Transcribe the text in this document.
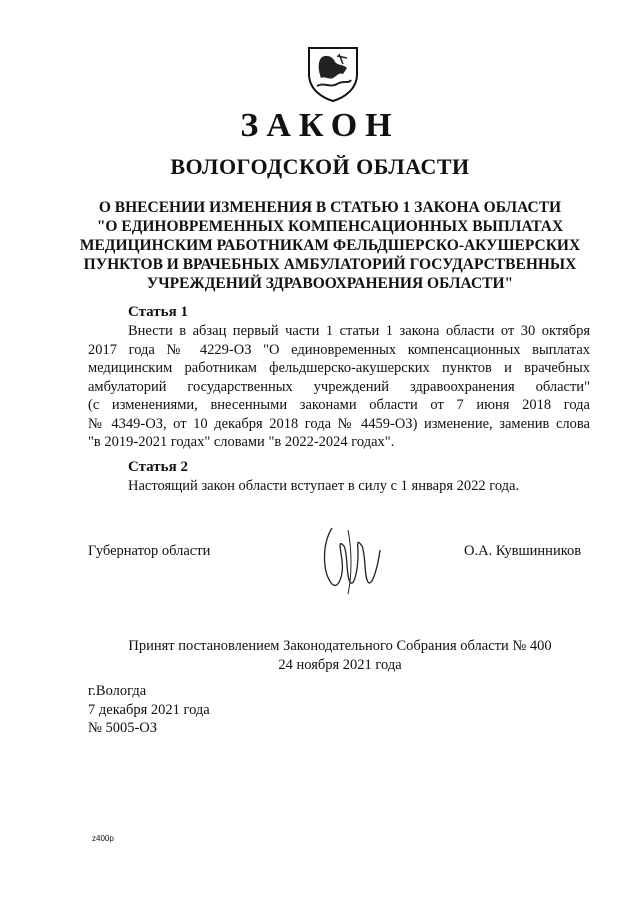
ЗАКОН
ВОЛОГОДСКОЙ ОБЛАСТИ
О ВНЕСЕНИИ ИЗМЕНЕНИЯ В СТАТЬЮ 1 ЗАКОНА ОБЛАСТИ
"О ЕДИНОВРЕМЕННЫХ КОМПЕНСАЦИОННЫХ ВЫПЛАТАХ
МЕДИЦИНСКИМ РАБОТНИКАМ ФЕЛЬДШЕРСКО-АКУШЕРСКИХ
ПУНКТОВ И ВРАЧЕБНЫХ АМБУЛАТОРИЙ ГОСУДАРСТВЕННЫХ
УЧРЕЖДЕНИЙ ЗДРАВООХРАНЕНИЯ ОБЛАСТИ"
Статья 1
Внести в абзац первый части 1 статьи 1 закона области от 30 октября
2017 года № 4229-ОЗ "О единовременных компенсационных выплатах
медицинским работникам фельдшерско-акушерских пунктов и врачебных
амбулаторий государственных учреждений здравоохранения области"
(с изменениями, внесенными законами области от 7 июня 2018 года
№ 4349-ОЗ, от 10 декабря 2018 года № 4459-ОЗ) изменение, заменив слова
"в 2019-2021 годах" словами "в 2022-2024 годах".
Статья 2
Настоящий закон области вступает в силу с 1 января 2022 года.
Губернатор области	О.А. Кувшинников
Принят постановлением Законодательного Собрания области № 400
24 ноября 2021 года
г.Вологда
7 декабря 2021 года
№ 5005-ОЗ
z400p
